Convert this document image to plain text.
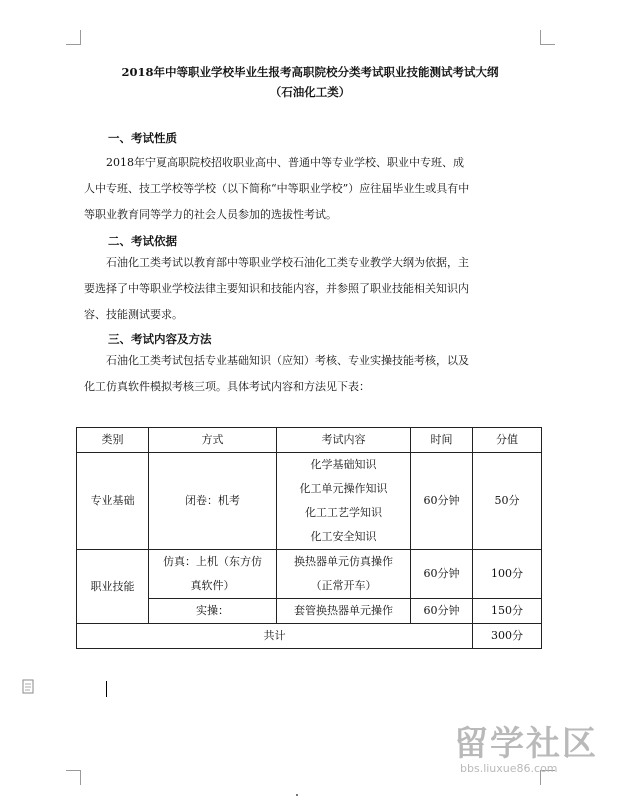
2018年中等职业学校毕业生报考高职院校分类考试职业技能测试考试大纲
（石油化工类）
一、考试性质
2018年宁夏高职院校招收职业高中、普通中等专业学校、职业中专班、成
人中专班、技工学校等学校（以下简称“中等职业学校”）应往届毕业生或具有中
等职业教育同等学力的社会人员参加的选拔性考试。
二、考试依据
石油化工类考试以教育部中等职业学校石油化工类专业教学大纲为依据，主
要选择了中等职业学校法律主要知识和技能内容，并参照了职业技能相关知识内
容、技能测试要求。
三、考试内容及方法
石油化工类考试包括专业基础知识（应知）考核、专业实操技能考核，以及
化工仿真软件模拟考核三项。具体考试内容和方法见下表：
类别	方式	考试内容	时间	分值
专业基础	闭卷：机考	化学基础知识
化工单元操作知识
化工工艺学知识
化工安全知识	60分钟	50分
职业技能	仿真：上机（东方仿
真软件）	换热器单元仿真操作
（正常开车）	60分钟	100分
	实操：	套管换热器单元操作	60分钟	150分
共计				300分
留学社区
bbs.liuxue86.com
